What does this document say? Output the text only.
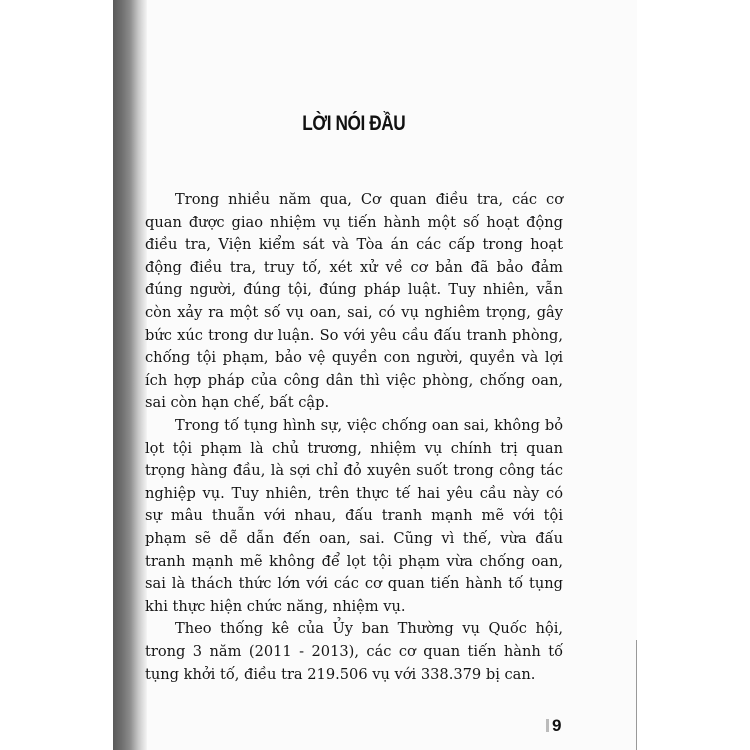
LỜI NÓI ĐẦU
Trong nhiều năm qua, Cơ quan điều tra, các cơ
quan được giao nhiệm vụ tiến hành một số hoạt động
điều tra, Viện kiểm sát và Tòa án các cấp trong hoạt
động điều tra, truy tố, xét xử về cơ bản đã bảo đảm
đúng người, đúng tội, đúng pháp luật. Tuy nhiên, vẫn
còn xảy ra một số vụ oan, sai, có vụ nghiêm trọng, gây
bức xúc trong dư luận. So với yêu cầu đấu tranh phòng,
chống tội phạm, bảo vệ quyền con người, quyền và lợi
ích hợp pháp của công dân thì việc phòng, chống oan,
sai còn hạn chế, bất cập.
Trong tố tụng hình sự, việc chống oan sai, không bỏ
lọt tội phạm là chủ trương, nhiệm vụ chính trị quan
trọng hàng đầu, là sợi chỉ đỏ xuyên suốt trong công tác
nghiệp vụ. Tuy nhiên, trên thực tế hai yêu cầu này có
sự mâu thuẫn với nhau, đấu tranh mạnh mẽ với tội
phạm sẽ dễ dẫn đến oan, sai. Cũng vì thế, vừa đấu
tranh mạnh mẽ không để lọt tội phạm vừa chống oan,
sai là thách thức lớn với các cơ quan tiến hành tố tụng
khi thực hiện chức năng, nhiệm vụ.
Theo thống kê của Ủy ban Thường vụ Quốc hội,
trong 3 năm (2011 - 2013), các cơ quan tiến hành tố
tụng khởi tố, điều tra 219.506 vụ với 338.379 bị can.
9
